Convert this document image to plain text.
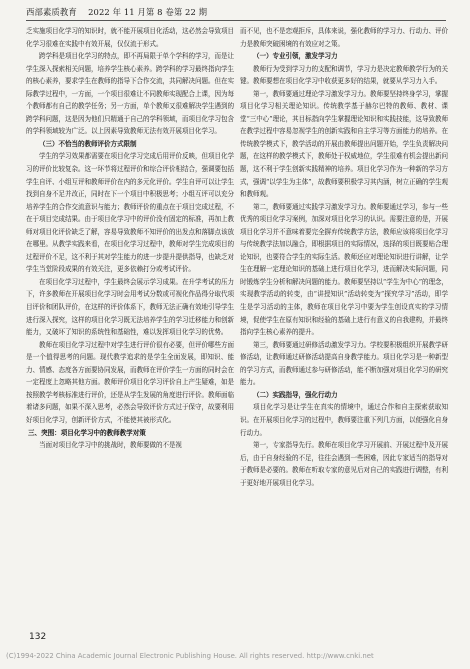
西部素质教育  2022 年 11 月第 8 卷第 22 期

乏实施项目化学习的知识时，就不能开展项目化活动，这必然会导致项目化学习很难在实践中有效开展，仅仅流于形式。

跨学科是项目化学习的特点，即不再局限于单个学科的学习，而是让学生深入探索相关问题，培养学生核心素养。跨学科的学习最终指向学生的核心素养，要求学生在教师的指导下合作交流，共同解决问题。但在实际教学过程中，一方面，一个项目很难让不同教师实现配合上课，因为每个教师都有自己的教学任务；另一方面，单个教师又很难解决学生遇到的跨学科问题，这是因为他们只精通于自己的学科领域，而项目化学习包含的学科领域较为广泛。以上因素导致教师无法有效开展项目化学习。

（三）不恰当的教师评价方式限制

学生的学习效果都需要在项目化学习完成后用评价反映，但项目化学习的评价比较复杂。这一环节将过程评价和综合评价相结合，强调要包括学生自评、小组互评和教师评价在内的多元化评价。学生自评可以让学生找到自身不足并改正，同时在下一个项目中积极思考；小组互评可以充分培养学生的合作交流意识与能力；教师评价的重点在于项目完成过程，不在于项目完成结果。由于项目化学习中的评价没有固定的标准，再加上教师对项目化评价缺乏了解，容易导致教师不知评价的出发点和落脚点该放在哪里。从教学实践来看，在项目化学习过程中，教师对学生完成项目的过程评价不足，这不利于其对学生能力的进一步提升提供指导，也缺乏对学生当堂阶段成果的有效关注，更多依赖打分或考试评价。

在项目化学习过程中，学生最终会展示学习成果。在升学考试的压力下，许多教师在开展项目化学习时会用考试分数或可视化作品得分取代项目评价和团队评价，在这样的评价体系下，教师无法正确有效地引导学生进行深入探究，这样的项目化学习既无法培养学生的学习迁移能力和创新能力，又破坏了知识的系统性和基础性，难以发挥项目化学习的优势。

教师在项目化学习过程中对学生进行评价很有必要，但评价哪些方面是一个值得思考的问题。现代教学追求的是学生全面发展，即知识、能力、情感、态度各方面要协同发展，而教师在评价学生一方面的同时会在一定程度上忽略其他方面。教师评价项目化学习评价自上产生疑难，如是按照教学考核标准进行评价，还是从学生发展的角度进行评价。教师面临着诸多问题，如果不深入思考，必然会导致评价方式过于保守，故要利用好项目化学习，创新评价方式，不能使其被形式化。

三、突围：项目化学习中的教师教学对策

当面对项目化学习中的挑战时，教师要做的不是视

而不见，也不是恋观拒斥，具体来说，强化教师的学习力、行动力、评价力是教师突破困境的有效应对之策。

（一）专业引领，激发学习力

教师行为受到学习力的支配和调节，学习力是决定教师教学行为的关键。教师要想在项目化学习中收获更多好的结果，就要从学习力入手。

第一，教师要通过理论学习激发学习力。教师要坚持终身学习，掌握项目化学习相关理论知识。传统教学基于赫尔巴特的教师、教材、课堂“三中心”理论，其目标指向学生掌握理论知识和实践技能，这导致教师在教学过程中容易忽视学生的创新实践和自主学习等方面能力的培养。在传统教学模式下，教学活动的开展由教师提出问题开始，学生负责解决问题，在这样的教学模式下，教师处于权威地位，学生很难有机会提出新问题，这不利于学生创新实践精神的培养。项目化学习作为一种新的学习方式，强调“以学生为主体”，故教师要积极学习其内涵，树立正确的学生观和教师观。

第二，教师要通过实践学习激发学习力。教师要通过学习，参与一些优秀的项目化学习案例，加深对项目化学习的认识。需要注意的是，开展项目化学习并不意味着要完全摒弃传统教学方法，教师应该将项目化学习与传统教学法加以融合，即根据项目的实际情况，选择的项目既要贴合理论知识，也要符合学生的实际生活。教师还应对理论知识进行讲解，让学生在理解一定理论知识的基础上进行项目化学习，进而解决实际问题，同时锻炼学生分析和解决问题的能力。教师要坚持以“学生为中心”的理念，实现教学活动的转变，由“讲授知识”活动转变为“探究学习”活动，即学生是学习活动的主体，教师在项目化学习中要为学生创设真实的学习情境，促使学生在原有知识和经验的基础上进行有意义的自我建构，并最终指向学生核心素养的提升。

第三，教师要通过研修活动激发学习力。学校要积极组织开展教学研修活动，让教师通过研修活动提高自身教学能力。项目化学习是一种新型的学习方式，而教师通过参与研修活动，能不断加强对项目化学习的研究能力。

（二）实践指导，强化行动力

项目化学习是让学生在真实的情境中，通过合作和自主探索获取知识。在开展项目化学习的过程中，教师要注重下列几方面，以便强化自身行动力。

第一，专家指导先行。教师在项目化学习开展前、开展过程中及开展后，由于自身经验的不足，往往会遇到一些困难，因此专家适当的指导对于教师是必要的。教师在听取专家的意见后对自己的实践进行调整，有利于更好地开展项目化学习。

132
(C)1994-2022 China Academic Journal Electronic Publishing House. All rights reserved. http://www.cnki.net
